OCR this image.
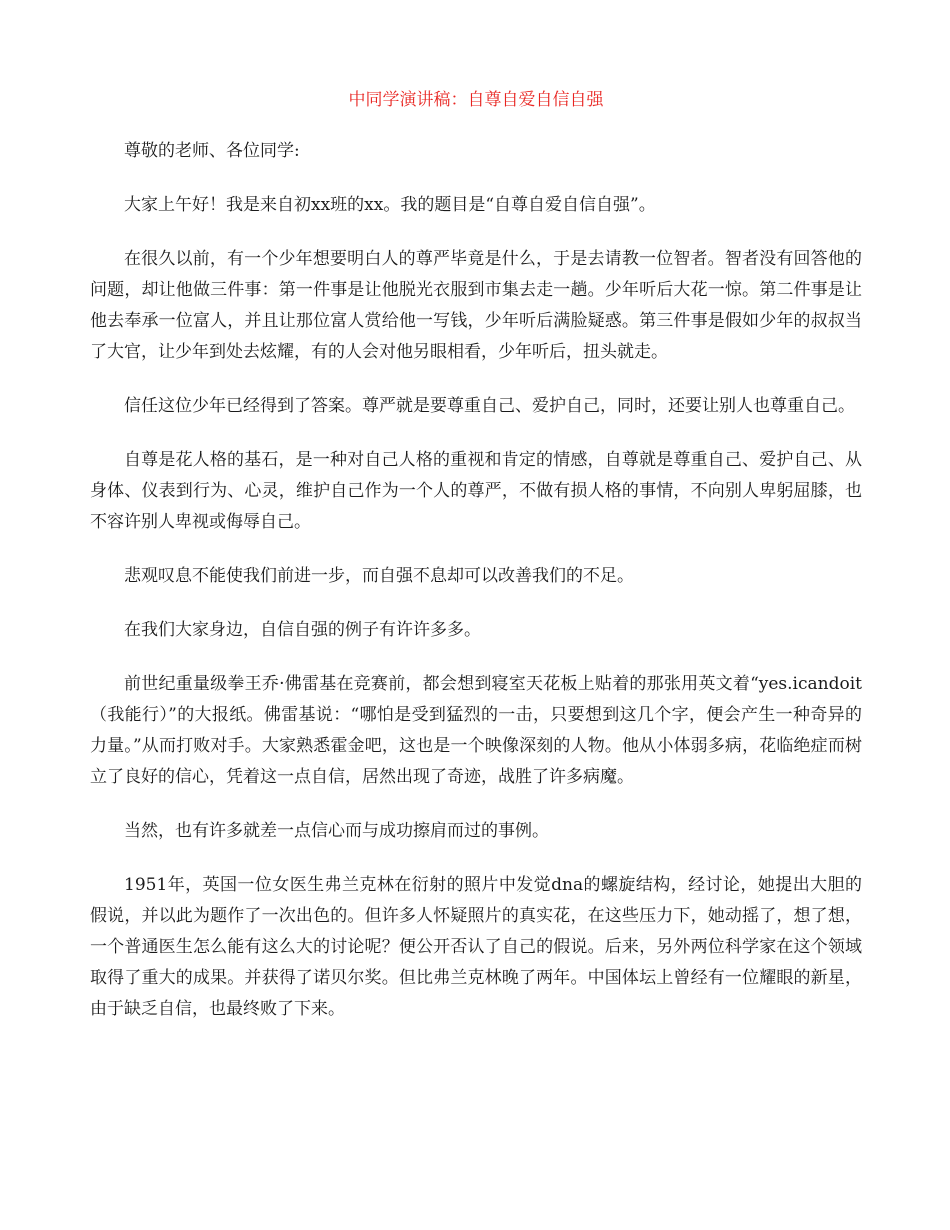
中同学演讲稿：自尊自爱自信自强

尊敬的老师、各位同学:

大家上午好！我是来自初xx班的xx。我的题目是“自尊自爱自信自强”。

在很久以前，有一个少年想要明白人的尊严毕竟是什么，于是去请教一位智者。智者没有回答他的问题，却让他做三件事：第一件事是让他脱光衣服到市集去走一趟。少年听后大花一惊。第二件事是让他去奉承一位富人，并且让那位富人赏给他一写钱，少年听后满脸疑惑。第三件事是假如少年的叔叔当了大官，让少年到处去炫耀，有的人会对他另眼相看，少年听后，扭头就走。

信任这位少年已经得到了答案。尊严就是要尊重自己、爱护自己，同时，还要让别人也尊重自己。

自尊是花人格的基石，是一种对自己人格的重视和肯定的情感，自尊就是尊重自己、爱护自己、从身体、仪表到行为、心灵，维护自己作为一个人的尊严，不做有损人格的事情，不向别人卑躬屈膝，也不容许别人卑视或侮辱自己。

悲观叹息不能使我们前进一步，而自强不息却可以改善我们的不足。

在我们大家身边，自信自强的例子有许许多多。

前世纪重量级拳王乔·佛雷基在竞赛前，都会想到寝室天花板上贴着的那张用英文着“yes.icandoit（我能行）”的大报纸。佛雷基说：“哪怕是受到猛烈的一击，只要想到这几个字，便会产生一种奇异的力量。”从而打败对手。大家熟悉霍金吧，这也是一个映像深刻的人物。他从小体弱多病，花临绝症而树立了良好的信心，凭着这一点自信，居然出现了奇迹，战胜了许多病魔。

当然，也有许多就差一点信心而与成功擦肩而过的事例。

1951年，英国一位女医生弗兰克林在衍射的照片中发觉dna的螺旋结构，经讨论，她提出大胆的假说，并以此为题作了一次出色的。但许多人怀疑照片的真实花，在这些压力下，她动摇了，想了想，一个普通医生怎么能有这么大的讨论呢？便公开否认了自己的假说。后来，另外两位科学家在这个领域取得了重大的成果。并获得了诺贝尔奖。但比弗兰克林晚了两年。中国体坛上曾经有一位耀眼的新星，由于缺乏自信，也最终败了下来。
